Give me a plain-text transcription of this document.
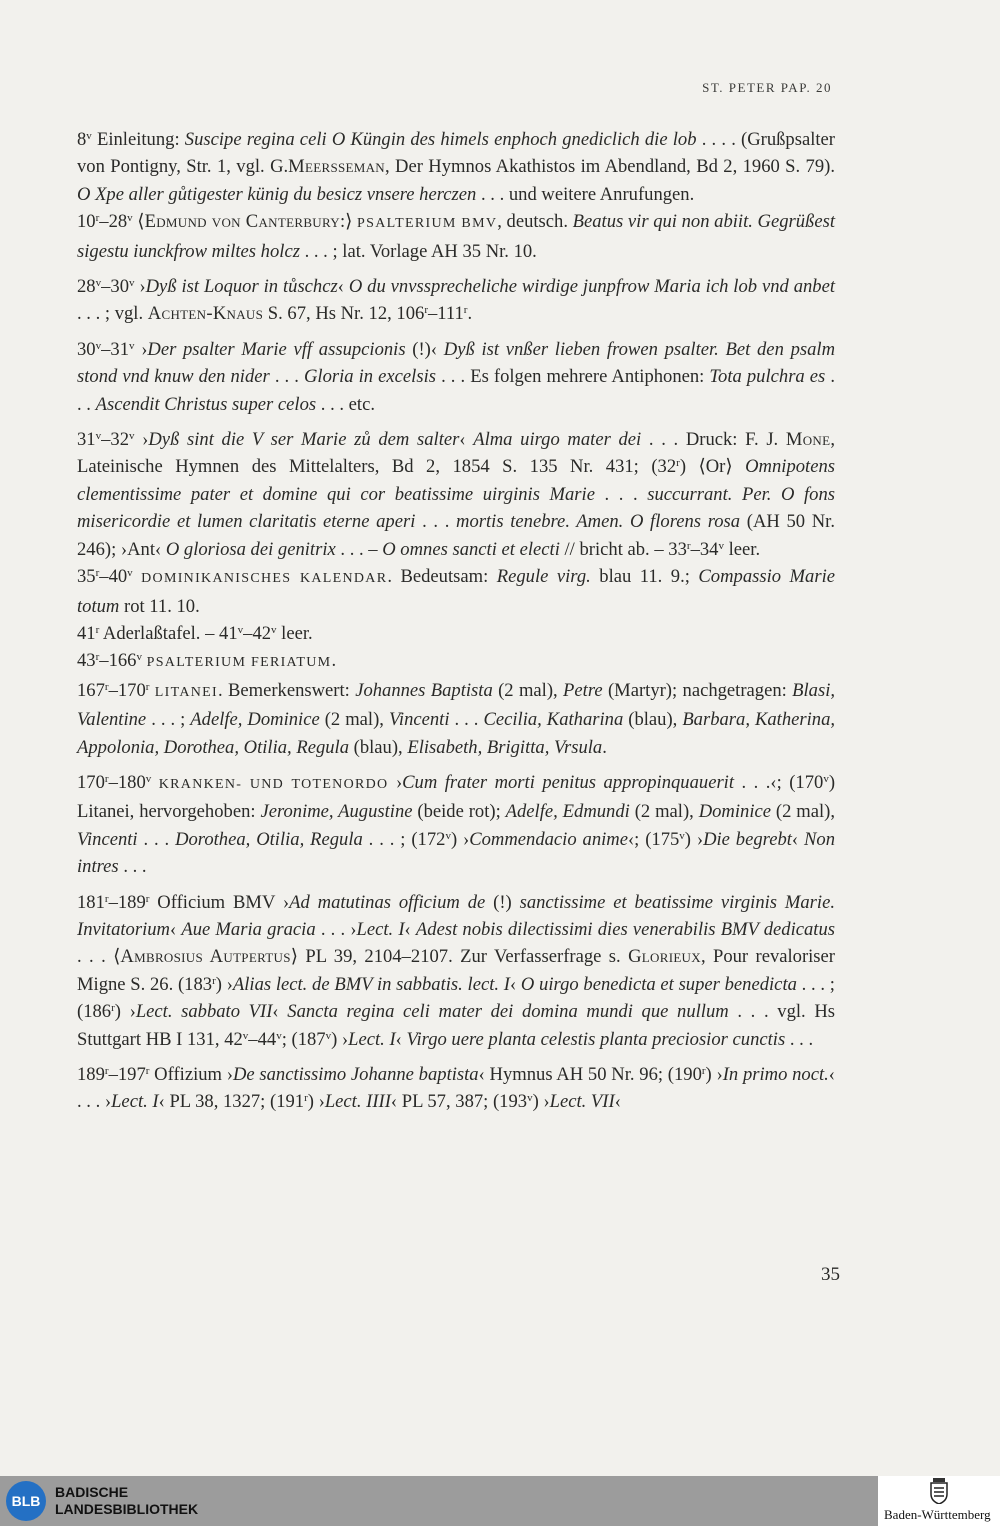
ST. PETER PAP. 20

8$^v$ Einleitung: Suscipe regina celi O Küngin des himels enphoch gnediclich die lob . . . . (Grußpsalter von Pontigny, Str. 1, vgl. G.Meersseman, Der Hymnos Akathistos im Abendland, Bd 2, 1960 S. 79). O Xpe aller gůtigester künig du besicz vnsere herczen . . . und weitere Anrufungen.

10$^r$–28$^v$ ⟨Edmund von Canterbury:⟩ PSALTERIUM BMV, deutsch. Beatus vir qui non abiit. Gegrüßest sigestu iunckfrow miltes holcz . . . ; lat. Vorlage AH 35 Nr. 10.

28$^v$–30$^v$ ›Dyß ist Loquor in tůschcz‹ O du vnvssprecheliche wirdige junpfrow Maria ich lob vnd anbet . . . ; vgl. Achten-Knaus S. 67, Hs Nr. 12, 106$^r$–111$^r$.

30$^v$–31$^v$ ›Der psalter Marie vff assupcionis (!)‹ Dyß ist vnßer lieben frowen psalter. Bet den psalm stond vnd knuw den nider . . . Gloria in excelsis . . . Es folgen mehrere Antiphonen: Tota pulchra es . . . Ascendit Christus super celos . . . etc.

31$^v$–32$^v$ ›Dyß sint die V ser Marie zů dem salter‹ Alma uirgo mater dei . . . Druck: F. J. Mone, Lateinische Hymnen des Mittelalters, Bd 2, 1854 S. 135 Nr. 431; (32$^r$) ⟨Or⟩ Omnipotens clementissime pater et domine qui cor beatissime uirginis Marie . . . succurrant. Per. O fons misericordie et lumen claritatis eterne aperi . . . mortis tenebre. Amen. O florens rosa (AH 50 Nr. 246); ›Ant‹ O gloriosa dei genitrix . . . – O omnes sancti et electi // bricht ab. – 33$^r$–34$^v$ leer.

35$^r$–40$^v$ DOMINIKANISCHES KALENDAR. Bedeutsam: Regule virg. blau 11. 9.; Compassio Marie totum rot 11. 10.

41$^r$ Aderlaßtafel. – 41$^v$–42$^v$ leer.

43$^r$–166$^v$ PSALTERIUM FERIATUM.

167$^r$–170$^r$ LITANEI. Bemerkenswert: Johannes Baptista (2 mal), Petre (Martyr); nachgetragen: Blasi, Valentine . . . ; Adelfe, Dominice (2 mal), Vincenti . . . Cecilia, Katharina (blau), Barbara, Katherina, Appolonia, Dorothea, Otilia, Regula (blau), Elisabeth, Brigitta, Vrsula.

170$^r$–180$^v$ KRANKEN- UND TOTENORDO ›Cum frater morti penitus appropinquauerit . . .‹; (170$^v$) Litanei, hervorgehoben: Jeronime, Augustine (beide rot); Adelfe, Edmundi (2 mal), Dominice (2 mal), Vincenti . . . Dorothea, Otilia, Regula . . . ; (172$^v$) ›Commendacio anime‹; (175$^v$) ›Die begrebt‹ Non intres . . .

181$^r$–189$^r$ Officium BMV ›Ad matutinas officium de (!) sanctissime et beatissime virginis Marie. Invitatorium‹ Aue Maria gracia . . . ›Lect. I‹ Adest nobis dilectissimi dies venerabilis BMV dedicatus . . . ⟨Ambrosius Autpertus⟩ PL 39, 2104–2107. Zur Verfasserfrage s. Glorieux, Pour revaloriser Migne S. 26. (183$^r$) ›Alias lect. de BMV in sabbatis. lect. I‹ O uirgo benedicta et super benedicta . . . ; (186$^r$) ›Lect. sabbato VII‹ Sancta regina celi mater dei domina mundi que nullum . . . vgl. Hs Stuttgart HB I 131, 42$^v$–44$^v$; (187$^v$) ›Lect. I‹ Virgo uere planta celestis planta preciosior cunctis . . .

189$^r$–197$^r$ Offizium ›De sanctissimo Johanne baptista‹ Hymnus AH 50 Nr. 96; (190$^r$) ›In primo noct.‹ . . . ›Lect. I‹ PL 38, 1327; (191$^r$) ›Lect. IIII‹ PL 57, 387; (193$^v$) ›Lect. VII‹

35
BLB
BADISCHE
LANDESBIBLIOTHEK	Baden-Württemberg
